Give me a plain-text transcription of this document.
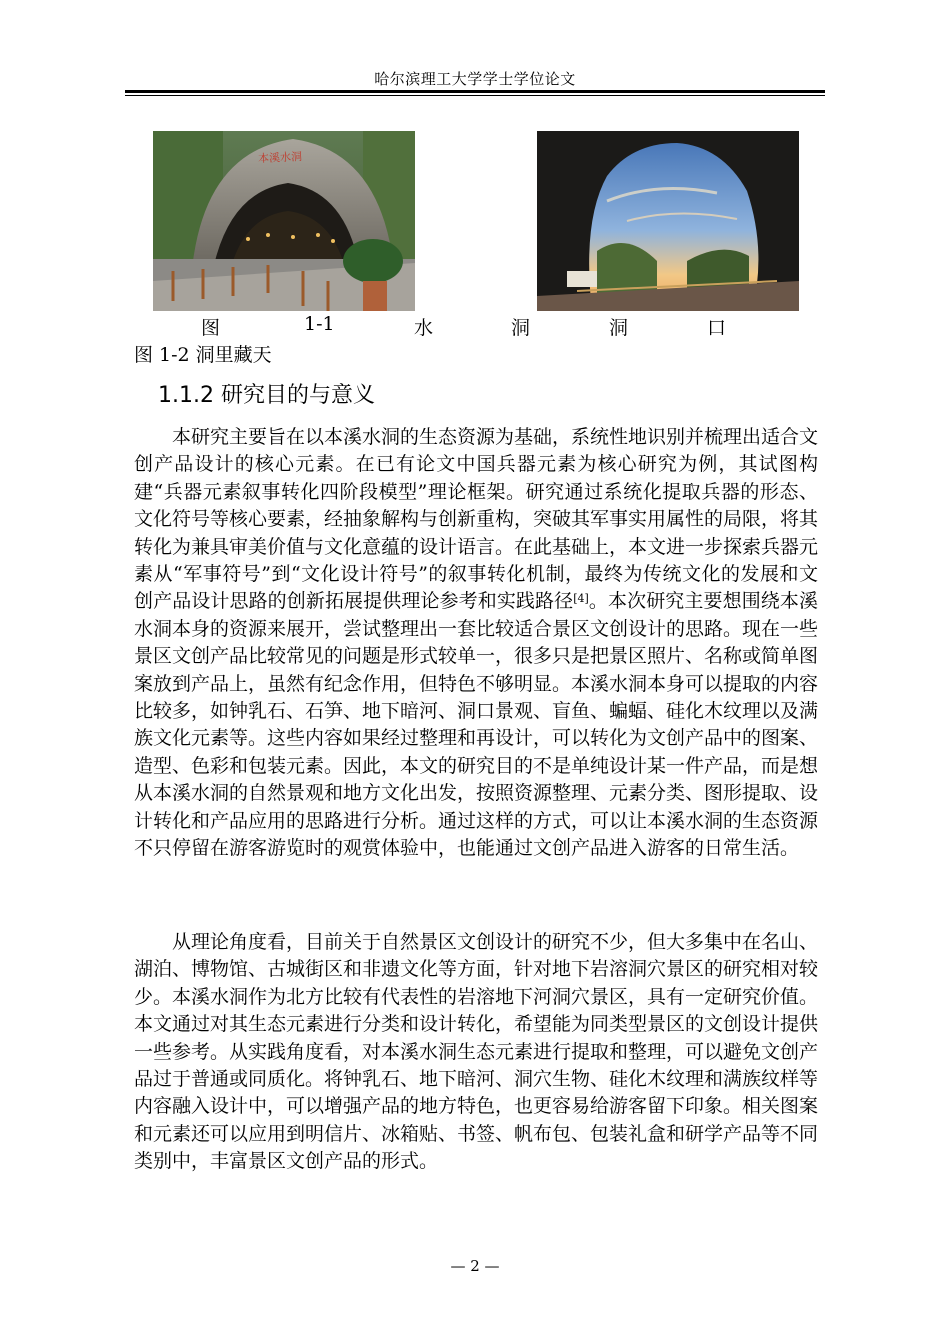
哈尔滨理工大学学士学位论文
本溪水洞
图	1-1	水	洞	洞	口
图 1-2 洞里藏天
1.1.2 研究目的与意义

本研究主要旨在以本溪水洞的生态资源为基础，系统性地识别并梳理出适合文创产品设计的核心元素。在已有论文中国兵器元素为核心研究为例，其试图构建“兵器元素叙事转化四阶段模型”理论框架。研究通过系统化提取兵器的形态、文化符号等核心要素，经抽象解构与创新重构，突破其军事实用属性的局限，将其转化为兼具审美价值与文化意蕴的设计语言。在此基础上，本文进一步探索兵器元素从“军事符号”到“文化设计符号”的叙事转化机制，最终为传统文化的发展和文创产品设计思路的创新拓展提供理论参考和实践路径[4]。本次研究主要想围绕本溪水洞本身的资源来展开，尝试整理出一套比较适合景区文创设计的思路。现在一些景区文创产品比较常见的问题是形式较单一，很多只是把景区照片、名称或简单图案放到产品上，虽然有纪念作用，但特色不够明显。本溪水洞本身可以提取的内容比较多，如钟乳石、石笋、地下暗河、洞口景观、盲鱼、蝙蝠、硅化木纹理以及满族文化元素等。这些内容如果经过整理和再设计，可以转化为文创产品中的图案、造型、色彩和包装元素。因此，本文的研究目的不是单纯设计某一件产品，而是想从本溪水洞的自然景观和地方文化出发，按照资源整理、元素分类、图形提取、设计转化和产品应用的思路进行分析。通过这样的方式，可以让本溪水洞的生态资源不只停留在游客游览时的观赏体验中，也能通过文创产品进入游客的日常生活。

从理论角度看，目前关于自然景区文创设计的研究不少，但大多集中在名山、湖泊、博物馆、古城街区和非遗文化等方面，针对地下岩溶洞穴景区的研究相对较少。本溪水洞作为北方比较有代表性的岩溶地下河洞穴景区，具有一定研究价值。本文通过对其生态元素进行分类和设计转化，希望能为同类型景区的文创设计提供一些参考。从实践角度看，对本溪水洞生态元素进行提取和整理，可以避免文创产品过于普通或同质化。将钟乳石、地下暗河、洞穴生物、硅化木纹理和满族纹样等内容融入设计中，可以增强产品的地方特色，也更容易给游客留下印象。相关图案和元素还可以应用到明信片、冰箱贴、书签、帆布包、包装礼盒和研学产品等不同类别中，丰富景区文创产品的形式。

— 2 —
